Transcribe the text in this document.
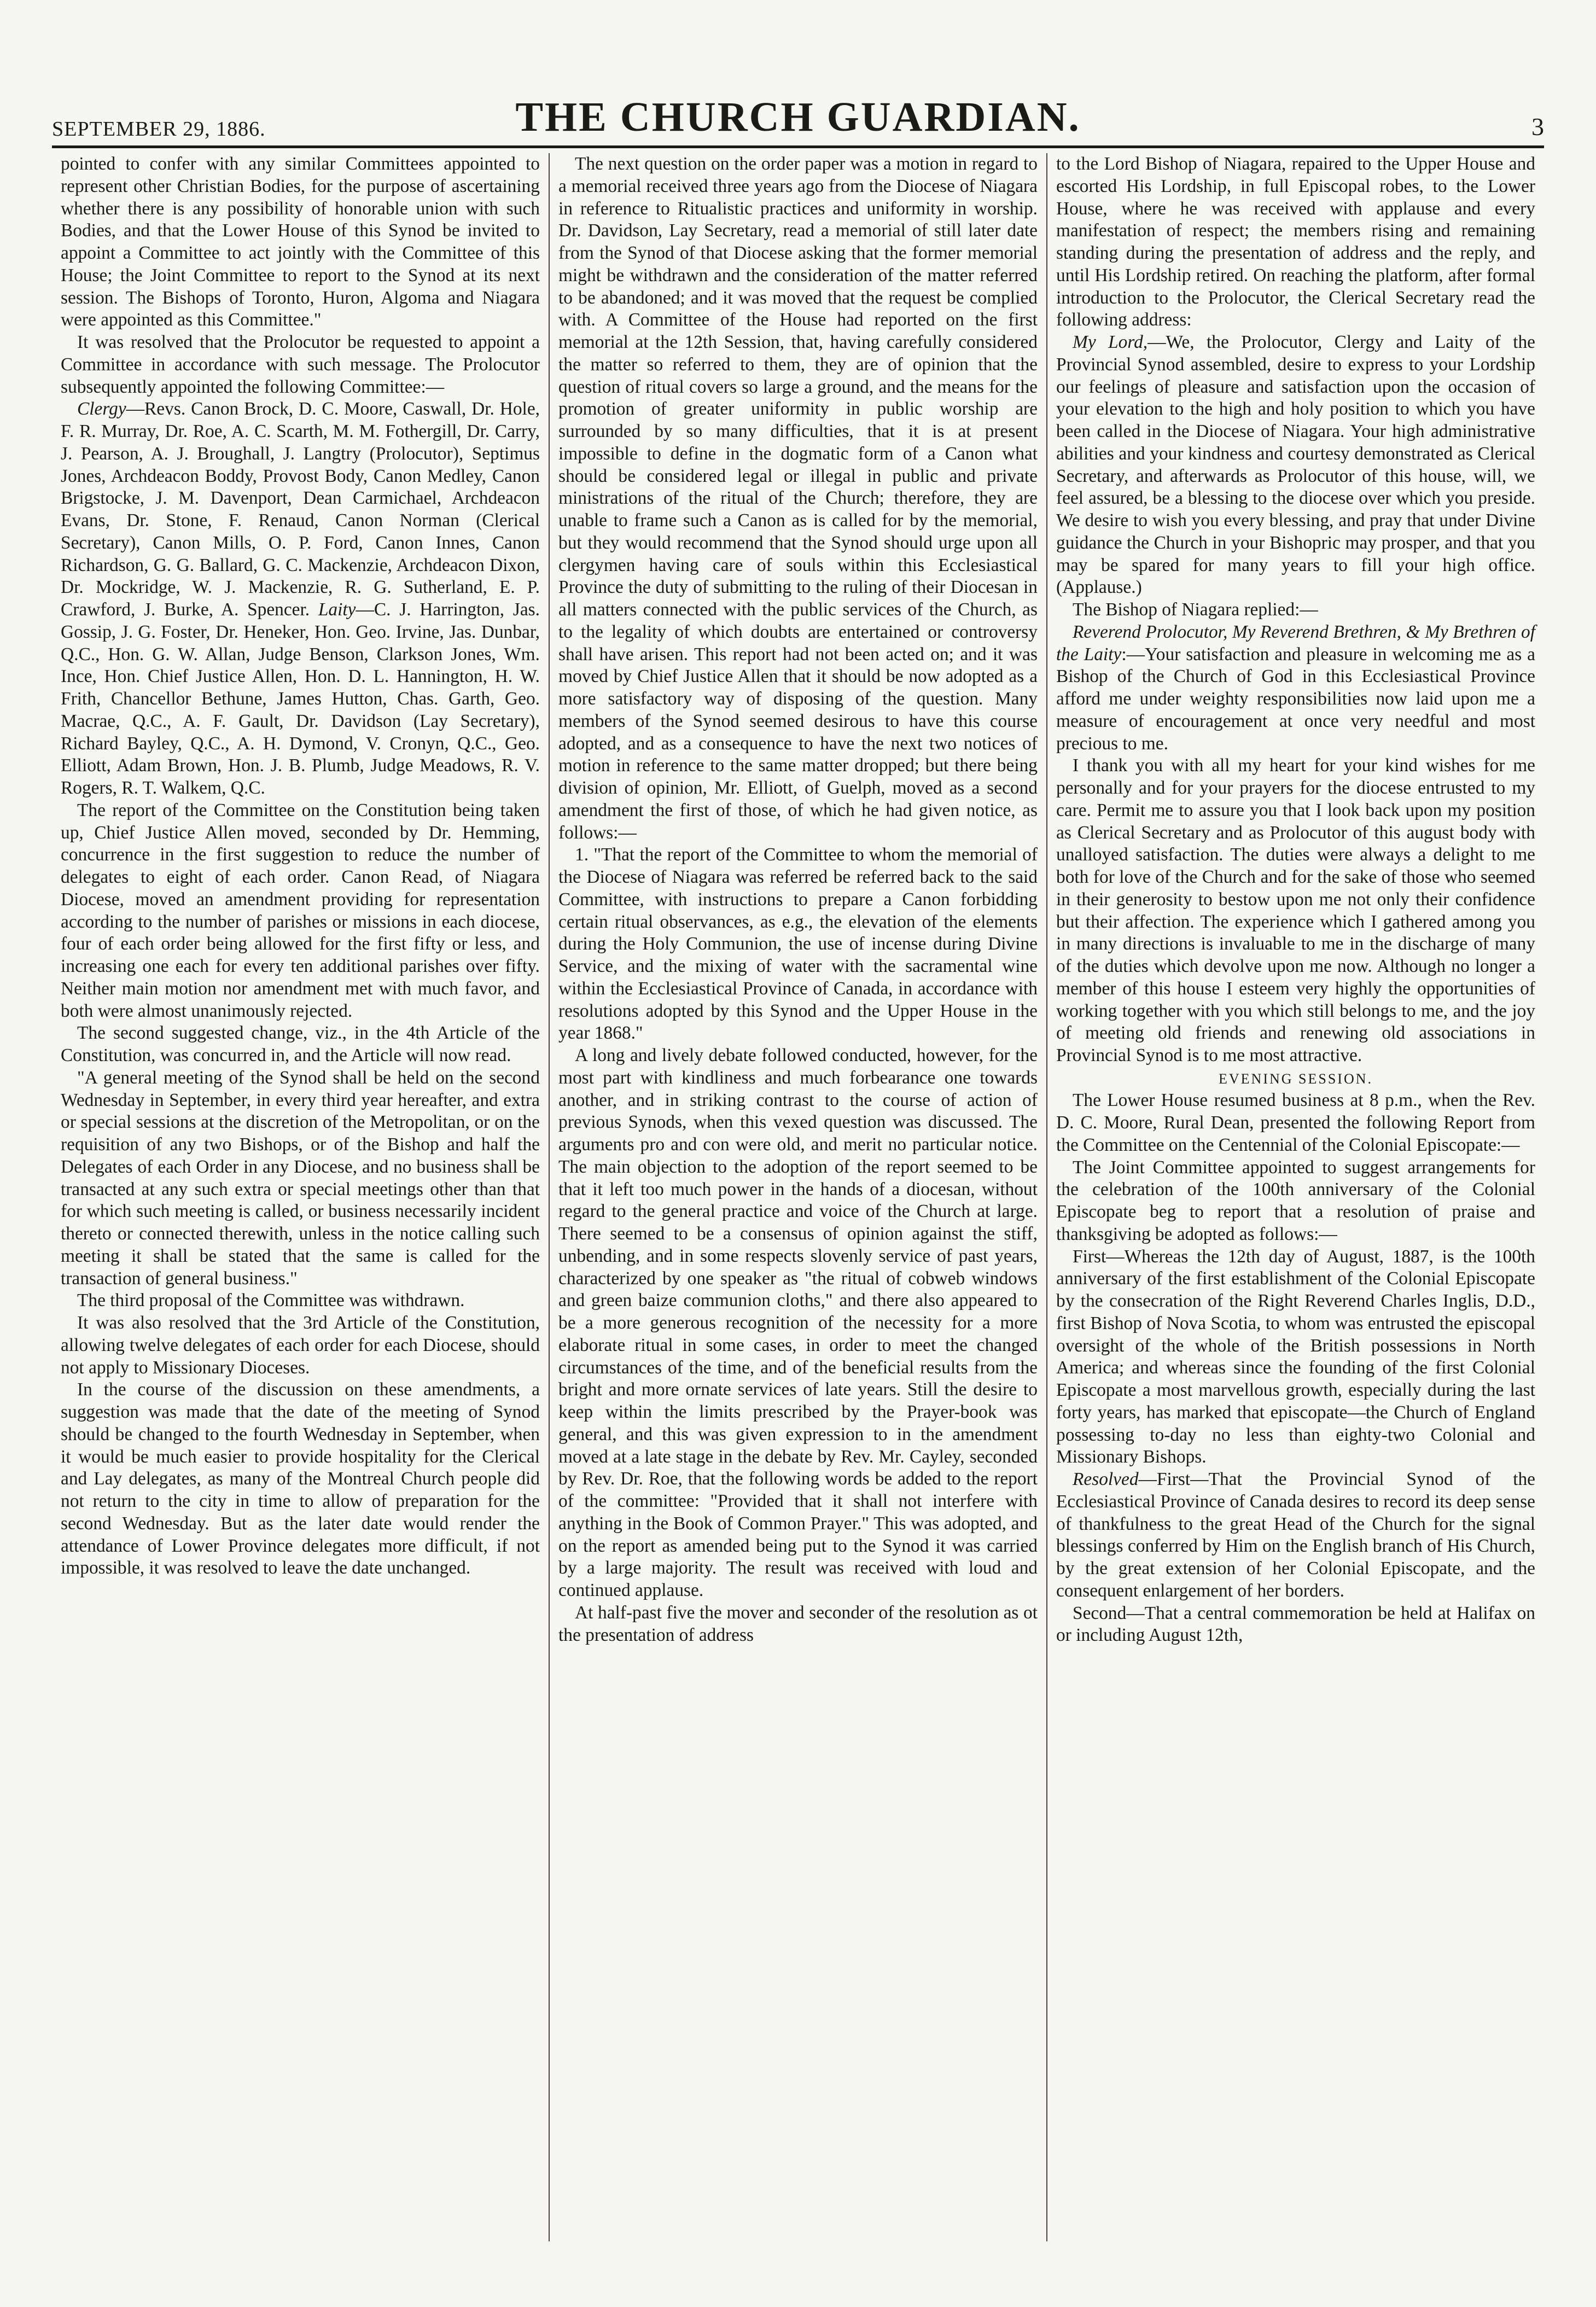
SEPTEMBER 29, 1886.	THE CHURCH GUARDIAN.	3

pointed to confer with any similar Committees appointed to represent other Christian Bodies, for the purpose of ascertaining whether there is any possibility of honorable union with such Bodies, and that the Lower House of this Synod be invited to appoint a Committee to act jointly with the Committee of this House; the Joint Committee to report to the Synod at its next session. The Bishops of Toronto, Huron, Algoma and Niagara were appointed as this Committee."

It was resolved that the Prolocutor be requested to appoint a Committee in accordance with such message. The Prolocutor subsequently appointed the following Committee:—

Clergy—Revs. Canon Brock, D. C. Moore, Caswall, Dr. Hole, F. R. Murray, Dr. Roe, A. C. Scarth, M. M. Fothergill, Dr. Carry, J. Pearson, A. J. Broughall, J. Langtry (Prolocutor), Septimus Jones, Archdeacon Boddy, Provost Body, Canon Medley, Canon Brigstocke, J. M. Davenport, Dean Carmichael, Archdeacon Evans, Dr. Stone, F. Renaud, Canon Norman (Clerical Secretary), Canon Mills, O. P. Ford, Canon Innes, Canon Richardson, G. G. Ballard, G. C. Mackenzie, Archdeacon Dixon, Dr. Mockridge, W. J. Mackenzie, R. G. Sutherland, E. P. Crawford, J. Burke, A. Spencer. Laity—C. J. Harrington, Jas. Gossip, J. G. Foster, Dr. Heneker, Hon. Geo. Irvine, Jas. Dunbar, Q.C., Hon. G. W. Allan, Judge Benson, Clarkson Jones, Wm. Ince, Hon. Chief Justice Allen, Hon. D. L. Hannington, H. W. Frith, Chancellor Bethune, James Hutton, Chas. Garth, Geo. Macrae, Q.C., A. F. Gault, Dr. Davidson (Lay Secretary), Richard Bayley, Q.C., A. H. Dymond, V. Cronyn, Q.C., Geo. Elliott, Adam Brown, Hon. J. B. Plumb, Judge Meadows, R. V. Rogers, R. T. Walkem, Q.C.

The report of the Committee on the Constitution being taken up, Chief Justice Allen moved, seconded by Dr. Hemming, concurrence in the first suggestion to reduce the number of delegates to eight of each order. Canon Read, of Niagara Diocese, moved an amendment providing for representation according to the number of parishes or missions in each diocese, four of each order being allowed for the first fifty or less, and increasing one each for every ten additional parishes over fifty. Neither main motion nor amendment met with much favor, and both were almost unanimously rejected.

The second suggested change, viz., in the 4th Article of the Constitution, was concurred in, and the Article will now read.

"A general meeting of the Synod shall be held on the second Wednesday in September, in every third year hereafter, and extra or special sessions at the discretion of the Metropolitan, or on the requisition of any two Bishops, or of the Bishop and half the Delegates of each Order in any Diocese, and no business shall be transacted at any such extra or special meetings other than that for which such meeting is called, or business necessarily incident thereto or connected therewith, unless in the notice calling such meeting it shall be stated that the same is called for the transaction of general business."

The third proposal of the Committee was withdrawn.

It was also resolved that the 3rd Article of the Constitution, allowing twelve delegates of each order for each Diocese, should not apply to Missionary Dioceses.

In the course of the discussion on these amendments, a suggestion was made that the date of the meeting of Synod should be changed to the fourth Wednesday in September, when it would be much easier to provide hospitality for the Clerical and Lay delegates, as many of the Montreal Church people did not return to the city in time to allow of preparation for the second Wednesday. But as the later date would render the attendance of Lower Province delegates more difficult, if not impossible, it was resolved to leave the date unchanged.

The next question on the order paper was a motion in regard to a memorial received three years ago from the Diocese of Niagara in reference to Ritualistic practices and uniformity in worship. Dr. Davidson, Lay Secretary, read a memorial of still later date from the Synod of that Diocese asking that the former memorial might be withdrawn and the consideration of the matter referred to be abandoned; and it was moved that the request be complied with. A Committee of the House had reported on the first memorial at the 12th Session, that, having carefully considered the matter so referred to them, they are of opinion that the question of ritual covers so large a ground, and the means for the promotion of greater uniformity in public worship are surrounded by so many difficulties, that it is at present impossible to define in the dogmatic form of a Canon what should be considered legal or illegal in public and private ministrations of the ritual of the Church; therefore, they are unable to frame such a Canon as is called for by the memorial, but they would recommend that the Synod should urge upon all clergymen having care of souls within this Ecclesiastical Province the duty of submitting to the ruling of their Diocesan in all matters connected with the public services of the Church, as to the legality of which doubts are entertained or controversy shall have arisen. This report had not been acted on; and it was moved by Chief Justice Allen that it should be now adopted as a more satisfactory way of disposing of the question. Many members of the Synod seemed desirous to have this course adopted, and as a consequence to have the next two notices of motion in reference to the same matter dropped; but there being division of opinion, Mr. Elliott, of Guelph, moved as a second amendment the first of those, of which he had given notice, as follows:—

1. "That the report of the Committee to whom the memorial of the Diocese of Niagara was referred be referred back to the said Committee, with instructions to prepare a Canon forbidding certain ritual observances, as e.g., the elevation of the elements during the Holy Communion, the use of incense during Divine Service, and the mixing of water with the sacramental wine within the Ecclesiastical Province of Canada, in accordance with resolutions adopted by this Synod and the Upper House in the year 1868."

A long and lively debate followed conducted, however, for the most part with kindliness and much forbearance one towards another, and in striking contrast to the course of action of previous Synods, when this vexed question was discussed. The arguments pro and con were old, and merit no particular notice. The main objection to the adoption of the report seemed to be that it left too much power in the hands of a diocesan, without regard to the general practice and voice of the Church at large. There seemed to be a consensus of opinion against the stiff, unbending, and in some respects slovenly service of past years, characterized by one speaker as "the ritual of cobweb windows and green baize communion cloths," and there also appeared to be a more generous recognition of the necessity for a more elaborate ritual in some cases, in order to meet the changed circumstances of the time, and of the beneficial results from the bright and more ornate services of late years. Still the desire to keep within the limits prescribed by the Prayer-book was general, and this was given expression to in the amendment moved at a late stage in the debate by Rev. Mr. Cayley, seconded by Rev. Dr. Roe, that the following words be added to the report of the committee: "Provided that it shall not interfere with anything in the Book of Common Prayer." This was adopted, and on the report as amended being put to the Synod it was carried by a large majority. The result was received with loud and continued applause.

At half-past five the mover and seconder of the resolution as ot the presentation of address

to the Lord Bishop of Niagara, repaired to the Upper House and escorted His Lordship, in full Episcopal robes, to the Lower House, where he was received with applause and every manifestation of respect; the members rising and remaining standing during the presentation of address and the reply, and until His Lordship retired. On reaching the platform, after formal introduction to the Prolocutor, the Clerical Secretary read the following address:

My Lord,—We, the Prolocutor, Clergy and Laity of the Provincial Synod assembled, desire to express to your Lordship our feelings of pleasure and satisfaction upon the occasion of your elevation to the high and holy position to which you have been called in the Diocese of Niagara. Your high administrative abilities and your kindness and courtesy demonstrated as Clerical Secretary, and afterwards as Prolocutor of this house, will, we feel assured, be a blessing to the diocese over which you preside. We desire to wish you every blessing, and pray that under Divine guidance the Church in your Bishopric may prosper, and that you may be spared for many years to fill your high office. (Applause.)

The Bishop of Niagara replied:—

Reverend Prolocutor, My Reverend Brethren, & My Brethren of the Laity:—Your satisfaction and pleasure in welcoming me as a Bishop of the Church of God in this Ecclesiastical Province afford me under weighty responsibilities now laid upon me a measure of encouragement at once very needful and most precious to me.

I thank you with all my heart for your kind wishes for me personally and for your prayers for the diocese entrusted to my care. Permit me to assure you that I look back upon my position as Clerical Secretary and as Prolocutor of this august body with unalloyed satisfaction. The duties were always a delight to me both for love of the Church and for the sake of those who seemed in their generosity to bestow upon me not only their confidence but their affection. The experience which I gathered among you in many directions is invaluable to me in the discharge of many of the duties which devolve upon me now. Although no longer a member of this house I esteem very highly the opportunities of working together with you which still belongs to me, and the joy of meeting old friends and renewing old associations in Provincial Synod is to me most attractive.

EVENING SESSION.

The Lower House resumed business at 8 p.m., when the Rev. D. C. Moore, Rural Dean, presented the following Report from the Committee on the Centennial of the Colonial Episcopate:—

The Joint Committee appointed to suggest arrangements for the celebration of the 100th anniversary of the Colonial Episcopate beg to report that a resolution of praise and thanksgiving be adopted as follows:—

First—Whereas the 12th day of August, 1887, is the 100th anniversary of the first establishment of the Colonial Episcopate by the consecration of the Right Reverend Charles Inglis, D.D., first Bishop of Nova Scotia, to whom was entrusted the episcopal oversight of the whole of the British possessions in North America; and whereas since the founding of the first Colonial Episcopate a most marvellous growth, especially during the last forty years, has marked that episcopate—the Church of England possessing to-day no less than eighty-two Colonial and Missionary Bishops.

Resolved—First—That the Provincial Synod of the Ecclesiastical Province of Canada desires to record its deep sense of thankfulness to the great Head of the Church for the signal blessings conferred by Him on the English branch of His Church, by the great extension of her Colonial Episcopate, and the consequent enlargement of her borders.

Second—That a central commemoration be held at Halifax on or including August 12th,
